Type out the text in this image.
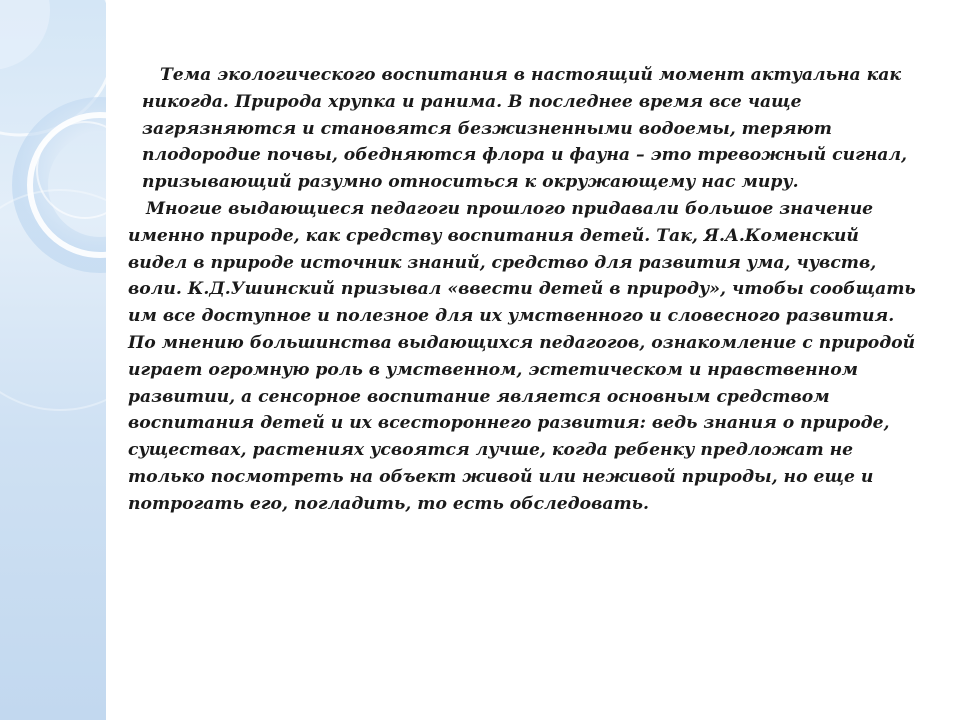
Тема экологического воспитания в настоящий момент актуальна как никогда. Природа хрупка и ранима. В последнее время все чаще загрязняются и становятся безжизненными водоемы, теряют плодородие почвы, обедняются флора и фауна – это тревожный сигнал, призывающий разумно относиться к окружающему нас миру.

Многие выдающиеся педагоги прошлого придавали большое значение именно природе, как средству воспитания детей. Так, Я.А.Коменский видел в природе источник знаний, средство для развития ума, чувств, воли. К.Д.Ушинский призывал «ввести детей в природу», чтобы сообщать им все доступное и полезное для их умственного и словесного развития. По мнению большинства выдающихся педагогов, ознакомление с природой играет огромную роль в умственном, эстетическом и нравственном развитии, а сенсорное воспитание является основным средством воспитания детей и их всестороннего развития: ведь знания о природе, существах, растениях усвоятся лучше, когда ребенку предложат не только посмотреть на объект живой или неживой природы, но еще и потрогать его, погладить, то есть обследовать.
